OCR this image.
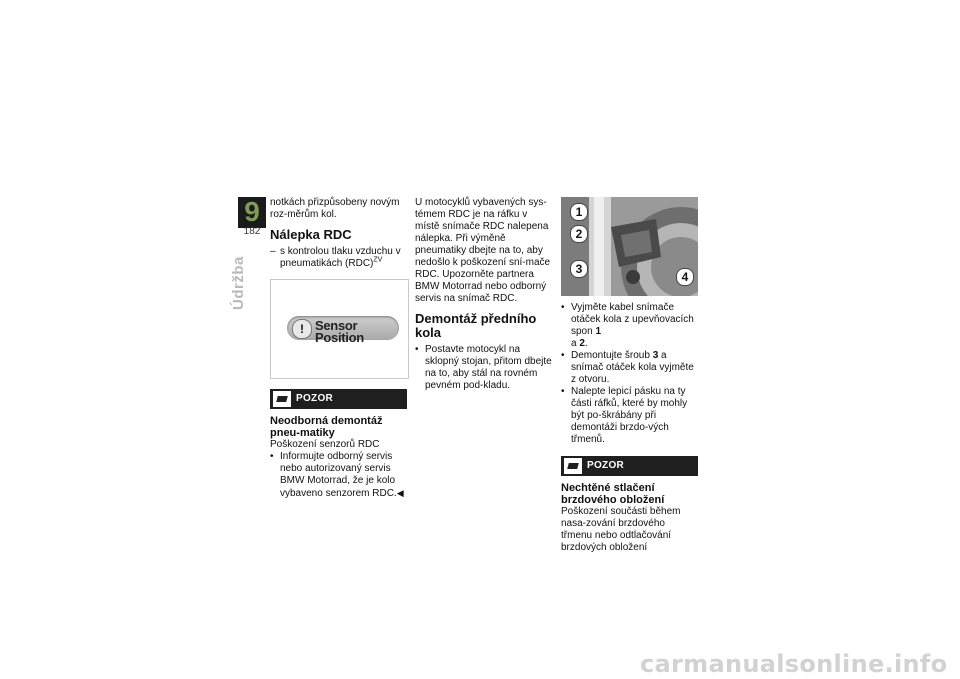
9
182
Údržba

notkách přizpůsobeny novým roz-měrům kol.

Nálepka RDC
– s kontrolou tlaku vzduchu v pneumatikách (RDC)$^{ZV}$
! Sensor Position
POZOR
Neodborná demontáž pneu-matiky

Poškození senzorů RDC

• Informujte odborný servis nebo autorizovaný servis BMW Motorrad, že je kolo vybaveno senzorem RDC.◀

U motocyklů vybavených sys-témem RDC je na ráfku v místě snímače RDC nalepena nálepka. Při výměně pneumatiky dbejte na to, aby nedošlo k poškození sní-mače RDC. Upozorněte partnera BMW Motorrad nebo odborný servis na snímač RDC.

Demontáž předního kola
• Postavte motocykl na sklopný stojan, přitom dbejte na to, aby stál na rovném pevném pod-kladu.
1
2
3
4
• Vyjměte kabel snímače otáček kola z upevňovacích spon 1
a 2.
• Demontujte šroub 3 a snímač otáček kola vyjměte z otvoru.
• Nalepte lepicí pásku na ty části ráfků, které by mohly být po-škrábány při demontáži brzdo-vých třmenů.
POZOR
Nechtěné stlačení brzdového obložení

Poškození součásti během nasa-zování brzdového třmenu nebo odtlačování brzdových obložení

carmanualsonline.info
